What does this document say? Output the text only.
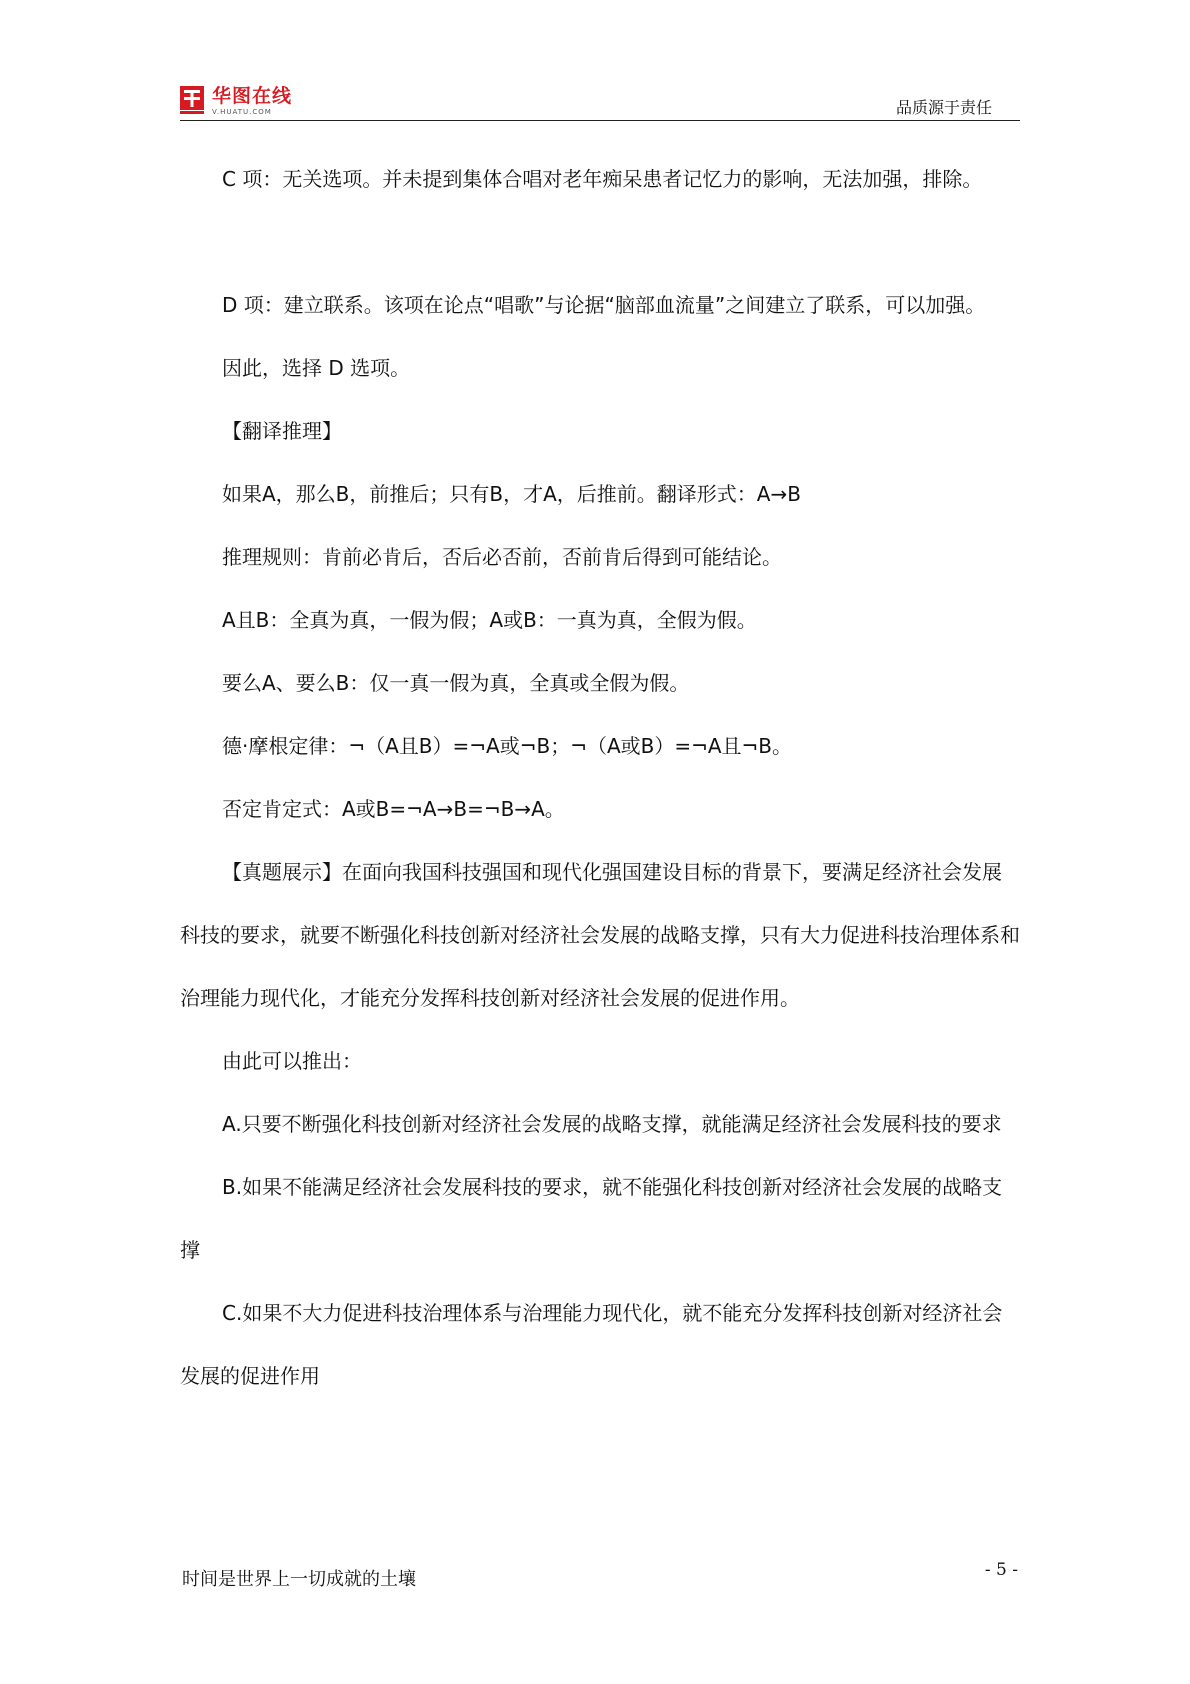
华图在线
V.HUATU.COM	品质源于责任

C 项：无关选项。并未提到集体合唱对老年痴呆患者记忆力的影响，无法加强，排除。

D 项：建立联系。该项在论点“唱歌”与论据“脑部血流量”之间建立了联系，可以加强。

因此，选择 D 选项。

【翻译推理】

如果A，那么B，前推后；只有B，才A，后推前。翻译形式：A→B

推理规则：肯前必肯后，否后必否前，否前肯后得到可能结论。

A且B：全真为真，一假为假；A或B：一真为真，全假为假。

要么A、要么B：仅一真一假为真，全真或全假为假。

德·摩根定律：¬（A且B）=¬A或¬B；¬（A或B）=¬A且¬B。

否定肯定式：A或B=¬A→B=¬B→A。

【真题展示】在面向我国科技强国和现代化强国建设目标的背景下，要满足经济社会发展科技的要求，就要不断强化科技创新对经济社会发展的战略支撑，只有大力促进科技治理体系和治理能力现代化，才能充分发挥科技创新对经济社会发展的促进作用。

由此可以推出：

A.只要不断强化科技创新对经济社会发展的战略支撑，就能满足经济社会发展科技的要求

B.如果不能满足经济社会发展科技的要求，就不能强化科技创新对经济社会发展的战略支撑

C.如果不大力促进科技治理体系与治理能力现代化，就不能充分发挥科技创新对经济社会发展的促进作用

时间是世界上一切成就的土壤	- 5 -
